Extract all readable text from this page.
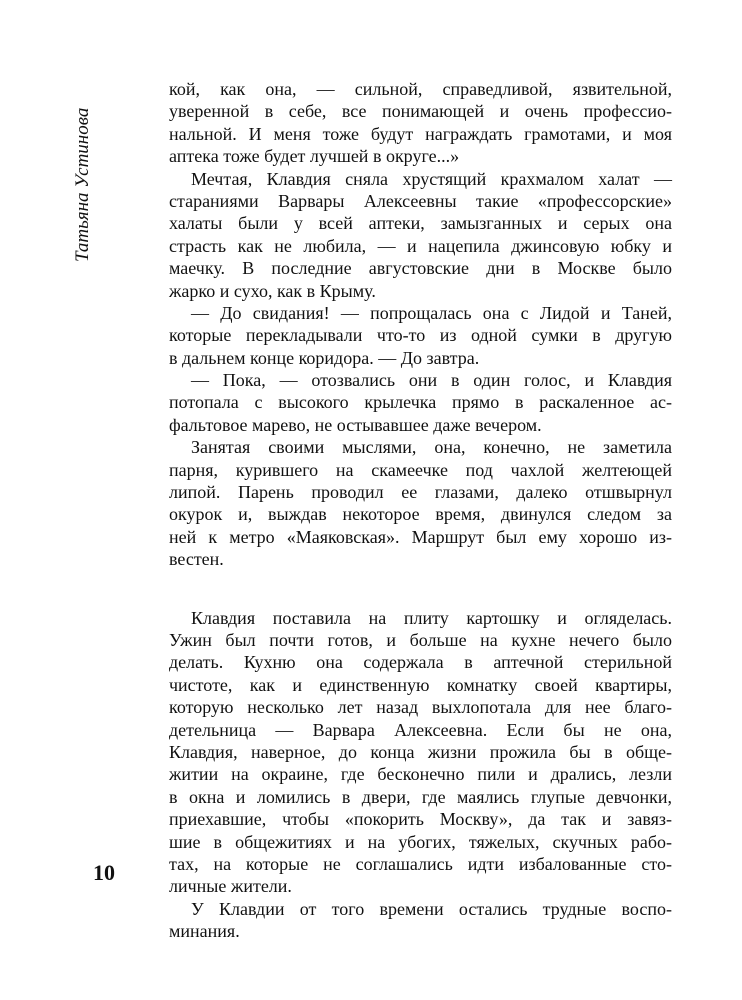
Татьяна Устинова
10
кой, как она, — сильной, справедливой, язвительной,
уверенной в себе, все понимающей и очень профессио-
нальной. И меня тоже будут награждать грамотами, и моя
аптека тоже будет лучшей в округе...»
Мечтая, Клавдия сняла хрустящий крахмалом халат —
стараниями Варвары Алексеевны такие «профессорские»
халаты были у всей аптеки, замызганных и серых она
страсть как не любила, — и нацепила джинсовую юбку и
маечку. В последние августовские дни в Москве было
жарко и сухо, как в Крыму.
— До свидания! — попрощалась она с Лидой и Таней,
которые перекладывали что-то из одной сумки в другую
в дальнем конце коридора. — До завтра.
— Пока, — отозвались они в один голос, и Клавдия
потопала с высокого крылечка прямо в раскаленное ас-
фальтовое марево, не остывавшее даже вечером.
Занятая своими мыслями, она, конечно, не заметила
парня, курившего на скамеечке под чахлой желтеющей
липой. Парень проводил ее глазами, далеко отшвырнул
окурок и, выждав некоторое время, двинулся следом за
ней к метро «Маяковская». Маршрут был ему хорошо из-
вестен.
Клавдия поставила на плиту картошку и огляделась.
Ужин был почти готов, и больше на кухне нечего было
делать. Кухню она содержала в аптечной стерильной
чистоте, как и единственную комнатку своей квартиры,
которую несколько лет назад выхлопотала для нее благо-
детельница — Варвара Алексеевна. Если бы не она,
Клавдия, наверное, до конца жизни прожила бы в обще-
житии на окраине, где бесконечно пили и дрались, лезли
в окна и ломились в двери, где маялись глупые девчонки,
приехавшие, чтобы «покорить Москву», да так и завяз-
шие в общежитиях и на убогих, тяжелых, скучных рабо-
тах, на которые не соглашались идти избалованные сто-
личные жители.
У Клавдии от того времени остались трудные воспо-
минания.
